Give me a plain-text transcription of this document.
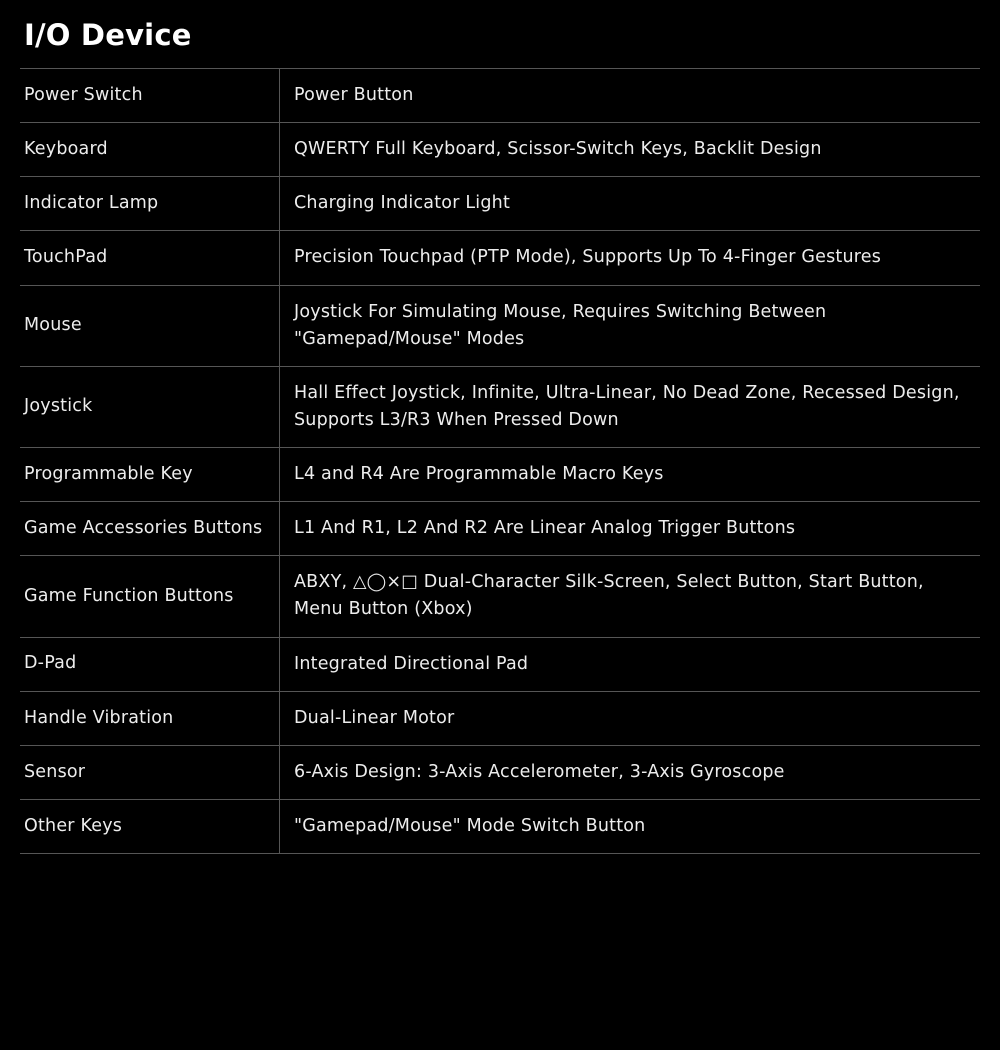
I/O Device
Power Switch	Power Button
Keyboard	QWERTY Full Keyboard, Scissor-Switch Keys, Backlit Design
Indicator Lamp	Charging Indicator Light
TouchPad	Precision Touchpad (PTP Mode), Supports Up To 4-Finger Gestures
Mouse	Joystick For Simulating Mouse, Requires Switching Between "Gamepad/Mouse" Modes
Joystick	Hall Effect Joystick, Infinite, Ultra-Linear, No Dead Zone, Recessed Design, Supports L3/R3 When Pressed Down
Programmable Key	L4 and R4 Are Programmable Macro Keys
Game Accessories Buttons	L1 And R1, L2 And R2 Are Linear Analog Trigger Buttons
Game Function Buttons	ABXY, △◯×□ Dual-Character Silk-Screen, Select Button, Start Button, Menu Button (Xbox)
D-Pad	Integrated Directional Pad
Handle Vibration	Dual-Linear Motor
Sensor	6-Axis Design: 3-Axis Accelerometer, 3-Axis Gyroscope
Other Keys	"Gamepad/Mouse" Mode Switch Button
